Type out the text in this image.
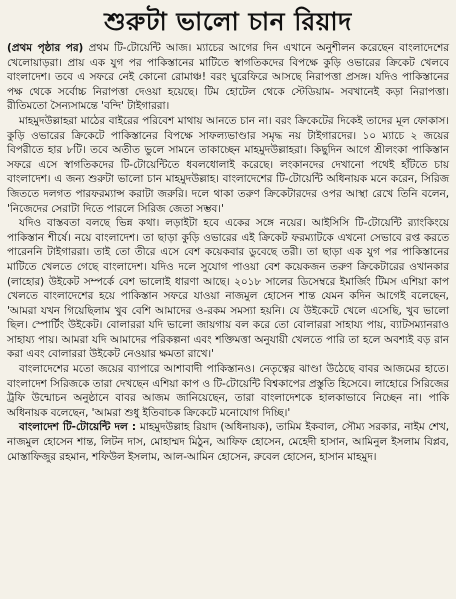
শুরুটা ভালো চান রিয়াদ

(প্রথম পৃষ্ঠার পর) প্রথম টি-টোয়েন্টি আজ। ম্যাচের আগের দিন এখানে অনুশীলন করেছেন বাংলাদেশের খেলোয়াড়রা। প্রায় এক যুগ পর পাকিস্তানের মাটিতে স্বাগতিকদের বিপক্ষে কুড়ি ওভারের ক্রিকেট খেলবে বাংলাদেশ। তবে এ সফরে নেই কোনো রোমাঞ্চ! বরং ঘুরেফিরে আসছে নিরাপত্তা প্রসঙ্গ। যদিও পাকিস্তানের পক্ষ থেকে সর্বোচ্চ নিরাপত্তা দেওয়া হয়েছে। টিম হোটেল থেকে স্টেডিয়াম- সবখানেই কড়া নিরাপত্তা। রীতিমতো সৈন্যসামন্তে 'বন্দি' টাইগাররা।

মাহমুদউল্লাহরা মাঠের বাইরের পরিবেশ মাথায় আনতে চান না। বরং ক্রিকেটের দিকেই তাদের মূল ফোকাস। কুড়ি ওভারের ক্রিকেটে পাকিস্তানের বিপক্ষে সাফল্যভাণ্ডার সমৃদ্ধ নয় টাইগারদের। ১০ ম্যাচে ২ জয়ের বিপরীতে হার ৮টি। তবে অতীত ভুলে সামনে তাকাচ্ছেন মাহমুদউল্লাহরা। কিছুদিন আগে শ্রীলংকা পাকিস্তান সফরে এসে স্বাগতিকদের টি-টোয়েন্টিতে ধবলধোলাই করেছে। লংকানদের দেখানো পথেই হাঁটতে চায় বাংলাদেশ। এ জন্য শুরুটা ভালো চান মাহমুদউল্লাহ। বাংলাদেশের টি-টোয়েন্টি অধিনায়ক মনে করেন, সিরিজ জিততে দলগত পারফরম্যান্স করাটা জরুরি। দলে থাকা তরুণ ক্রিকেটারদের ওপর আস্থা রেখে তিনি বলেন, 'নিজেদের সেরাটা দিতে পারলে সিরিজ জেতা সম্ভব।'

যদিও বাস্তবতা বলছে ভিন্ন কথা। লড়াইটা হবে একের সঙ্গে নয়ের। আইসিসি টি-টোয়েন্টি র‍্যাংকিংয়ে পাকিস্তান শীর্ষে। নয়ে বাংলাদেশ। তা ছাড়া কুড়ি ওভারের এই ক্রিকেট ফরম্যাটকে এখনো সেভাবে রপ্ত করতে পারেননি টাইগাররা। তাই তো তীরে এসে বেশ কয়েকবার ডুবেছে তরী। তা ছাড়া এক যুগ পর পাকিস্তানের মাটিতে খেলতে গেছে বাংলাদেশ। যদিও দলে সুযোগ পাওয়া বেশ কয়েকজন তরুণ ক্রিকেটারের ওখানকার (লাহোর) উইকেট সম্পর্কে বেশ ভালোই ধারণা আছে। ২০১৮ সালের ডিসেম্বরে ইমার্জিং টিমস এশিয়া কাপ খেলতে বাংলাদেশের হয়ে পাকিস্তান সফরে যাওয়া নাজমুল হোসেন শান্ত যেমন কদিন আগেই বলেছেন, 'আমরা যখন গিয়েছিলাম খুব বেশি আমাদের ও-রকম সমস্যা হয়নি। যে উইকেটে খেলে এসেছি, খুব ভালো ছিল। স্পোর্টিং উইকেট। বোলাররা যদি ভালো জায়গায় বল করে তো বোলাররা সাহায্য পায়, ব্যাটসম্যানরাও সাহায্য পায়। আমরা যদি আমাদের পরিকল্পনা এবং শক্তিমত্তা অনুযায়ী খেলতে পারি তা হলে অবশ্যই বড় রান করা এবং বোলাররা উইকেট নেওয়ার ক্ষমতা রাখে।'

বাংলাদেশের মতো জয়ের ব্যাপারে আশাবাদী পাকিস্তানও। নেতৃত্বের ঝাণ্ডা উঠেছে বাবর আজমের হাতে। বাংলাদেশ সিরিজকে তারা দেখছেন এশিয়া কাপ ও টি-টোয়েন্টি বিশ্বকাপের প্রস্তুতি হিসেবে। লাহোরে সিরিজের ট্রফি উন্মোচন অনুষ্ঠানে বাবর আজম জানিয়েছেন, তারা বাংলাদেশকে হালকাভাবে নিচ্ছেন না। পাকি অধিনায়ক বলেছেন, 'আমরা শুধু ইতিবাচক ক্রিকেটে মনোযোগ দিচ্ছি।'

বাংলাদেশ টি-টোয়েন্টি দল : মাহমুদউল্লাহ রিয়াদ (অধিনায়ক), তামিম ইকবাল, সৌম্য সরকার, নাইম শেখ, নাজমুল হোসেন শান্ত, লিটন দাস, মোহাম্মদ মিঠুন, আফিফ হোসেন, মেহেদী হাসান, আমিনুল ইসলাম বিপ্লব, মোস্তাফিজুর রহমান, শফিউল ইসলাম, আল-আমিন হোসেন, রুবেল হোসেন, হাসান মাহমুদ।
